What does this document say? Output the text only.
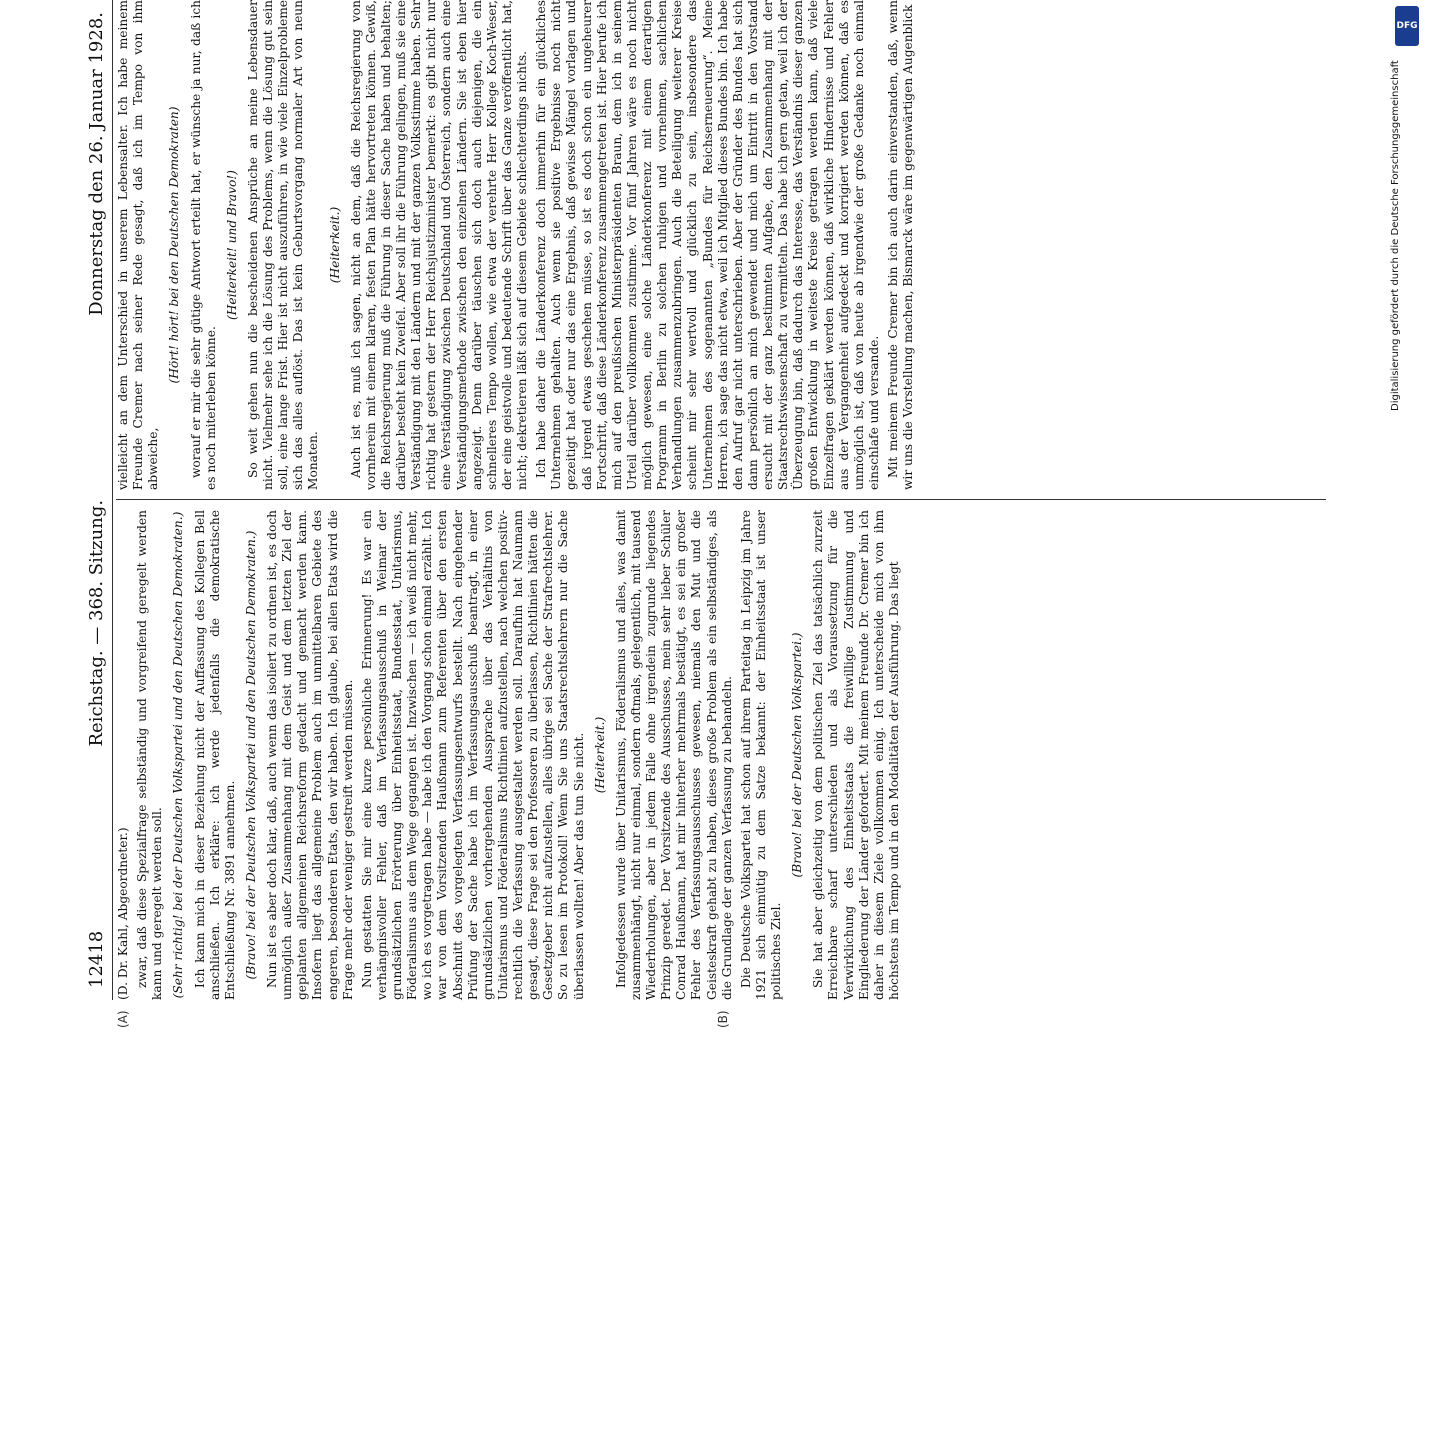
12418
Reichstag. — 368. Sitzung.
Donnerstag den 26. Januar 1928.
(A)	(B)

(D. Dr. Kahl, Abgeordneter.) zwar, daß diese Spezialfrage selbständig und vorgreifend geregelt werden kann und geregelt werden soll. (Sehr richtig! bei der Deutschen Volkspartei und den Deutschen Demokraten.) Ich kann mich in dieser Beziehung nicht der Auffassung des Kollegen Bell anschließen. Ich erkläre: ich werde jedenfalls die demokratische Entschließung Nr. 3891 annehmen. (Bravo! bei der Deutschen Volkspartei und den Deutschen Demokraten.) Nun ist es aber doch klar, daß, auch wenn das isoliert zu ordnen ist, es doch unmöglich außer Zusammenhang mit dem Geist und dem letzten Ziel der geplanten allgemeinen Reichsreform gedacht und gemacht werden kann. Insofern liegt das allgemeine Problem auch im unmittelbaren Gebiete des engeren, besonderen Etats, den wir haben. Ich glaube, bei allen Etats wird die Frage mehr oder weniger gestreift werden müssen. Nun gestatten Sie mir eine kurze persönliche Erinnerung! Es war ein verhängnisvoller Fehler, daß im Verfassungsausschuß in Weimar der grundsätzlichen Erörterung über Einheitsstaat, Bundesstaat, Unitarismus, Föderalismus aus dem Wege gegangen ist. Inzwischen — ich weiß nicht mehr, wo ich es vorgetragen habe — habe ich den Vorgang schon einmal erzählt. Ich war von dem Vorsitzenden Haußmann zum Referenten über den ersten Abschnitt des vorgelegten Verfassungsentwurfs bestellt. Nach eingehender Prüfung der Sache habe ich im Verfassungsausschuß beantragt, in einer grundsätzlichen vorhergehenden Aussprache über das Verhältnis von Unitarismus und Föderalismus Richtlinien aufzustellen, nach welchen positiv-rechtlich die Verfassung ausgestaltet werden soll. Daraufhin hat Naumann gesagt, diese Frage sei den Professoren zu überlassen, Richtlinien hätten die Gesetzgeber nicht aufzustellen, alles übrige sei Sache der Strafrechtslehrer. So zu lesen im Protokoll! Wenn Sie uns Staatsrechtslehrern nur die Sache überlassen wollten! Aber das tun Sie nicht. (Heiterkeit.) Infolgedessen wurde über Unitarismus, Föderalismus und alles, was damit zusammenhängt, nicht nur einmal, sondern oftmals, gelegentlich, mit tausend Wiederholungen, aber in jedem Falle ohne irgendein zugrunde liegendes Prinzip geredet. Der Vorsitzende des Ausschusses, mein sehr lieber Schüler Conrad Haußmann, hat mir hinterher mehrmals bestätigt, es sei ein großer Fehler des Verfassungsausschusses gewesen, niemals den Mut und die Geisteskraft gehabt zu haben, dieses große Problem als ein selbständiges, als die Grundlage der ganzen Verfassung zu behandeln. Die Deutsche Volkspartei hat schon auf ihrem Parteitag in Leipzig im Jahre 1921 sich einmütig zu dem Satze bekannt: der Einheitsstaat ist unser politisches Ziel.

(Bravo! bei der Deutschen Volkspartei.) Sie hat aber gleichzeitig von dem politischen Ziel das tatsächlich zurzeit Erreichbare scharf unterschieden und als Voraussetzung für die Verwirklichung des Einheitsstaats die freiwillige Zustimmung und Eingliederung der Länder gefordert. Mit meinem Freunde Dr. Cremer bin ich daher in diesem Ziele vollkommen einig. Ich unterscheide mich von ihm höchstens im Tempo und in den Modalitäten der Ausführung. Das liegt

vielleicht an dem Unterschied in unserem Lebensalter. Ich habe meinem Freunde Cremer nach seiner Rede gesagt, daß ich im Tempo von ihm abweiche,

(Hört! hört! bei den Deutschen Demokraten) worauf er mir die sehr gütige Antwort erteilt hat, er wünsche ja nur, daß ich es noch miterleben könne.

(Heiterkeit! und Bravo!) So weit gehen nun die bescheidenen Ansprüche an meine Lebensdauer nicht. Vielmehr sehe ich die Lösung des Problems, wenn die Lösung gut sein soll, eine lange Frist. Hier ist nicht auszuführen, in wie viele Einzelprobleme sich das alles auflöst. Das ist kein Geburtsvorgang normaler Art von neun Monaten.

(Heiterkeit.) Auch ist es, muß ich sagen, nicht an dem, daß die Reichsregierung von vornherein mit einem klaren, festen Plan hätte hervortreten können. Gewiß, die Reichsregierung muß die Führung in dieser Sache haben und behalten; darüber besteht kein Zweifel. Aber soll ihr die Führung gelingen, muß sie eine Verständigung mit den Ländern und mit der ganzen Volksstimme haben. Sehr richtig hat gestern der Herr Reichsjustizminister bemerkt: es gibt nicht nur eine Verständigung zwischen Deutschland und Österreich, sondern auch eine Verständigungsmethode zwischen den einzelnen Ländern. Sie ist eben hier angezeigt. Denn darüber täuschen sich doch auch diejenigen, die ein schnelleres Tempo wollen, wie etwa der verehrte Herr Kollege Koch-Weser, der eine geistvolle und bedeutende Schrift über das Ganze veröffentlicht hat, nicht; dekretieren läßt sich auf diesem Gebiete schlechterdings nichts. Ich habe daher die Länderkonferenz doch immerhin für ein glückliches Unternehmen gehalten. Auch wenn sie positive Ergebnisse noch nicht gezeitigt hat oder nur das eine Ergebnis, daß gewisse Mängel vorlagen und daß irgend etwas geschehen müsse, so ist es doch schon ein ungeheurer Fortschritt, daß diese Länderkonferenz zusammengetreten ist. Hier berufe ich mich auf den preußischen Ministerpräsidenten Braun, dem ich in seinem Urteil darüber vollkommen zustimme. Vor fünf Jahren wäre es noch nicht möglich gewesen, eine solche Länderkonferenz mit einem derartigen Programm in Berlin zu solchen ruhigen und vornehmen, sachlichen Verhandlungen zusammenzubringen. Auch die Beteiligung weiterer Kreise scheint mir sehr wertvoll und glücklich zu sein, insbesondere das Unternehmen des sogenannten „Bundes für Reichserneuerung“. Meine Herren, ich sage das nicht etwa, weil ich Mitglied dieses Bundes bin. Ich habe den Aufruf gar nicht unterschrieben. Aber der Gründer des Bundes hat sich dann persönlich an mich gewendet und mich um Eintritt in den Vorstand ersucht mit der ganz bestimmten Aufgabe, den Zusammenhang mit der Staatsrechtswissenschaft zu vermitteln. Das habe ich gern getan, weil ich der Überzeugung bin, daß dadurch das Interesse, das Verständnis dieser ganzen großen Entwicklung in weiteste Kreise getragen werden kann, daß viele Einzelfragen geklärt werden können, daß wirkliche Hindernisse und Fehler aus der Vergangenheit aufgedeckt und korrigiert werden können, daß es unmöglich ist, daß von heute ab irgendwie der große Gedanke noch einmal einschlafe und versande. Mit meinem Freunde Cremer bin ich auch darin einverstanden, daß, wenn wir uns die Vorstellung machen, Bismarck wäre im gegenwärtigen Augenblick	DFG
Digitalisierung gefördert durch die Deutsche Forschungsgemeinschaft
